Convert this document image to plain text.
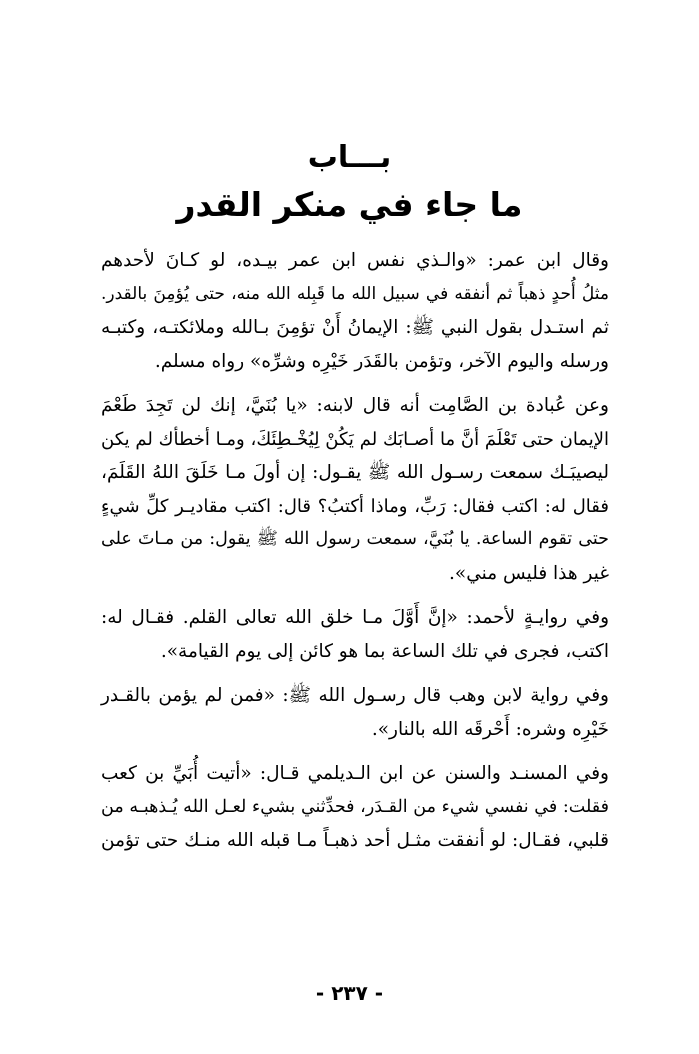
بـــاب
ما جاء في منكر القدر

وقال ابن عمر: «والـذي نفس ابن عمر بيـده، لو كـانَ لأحدهم
مثلُ أُحدٍ ذهباً ثم أنفقه في سبيل الله ما قَبِله الله منه، حتى يُؤمِنَ بالقدر.
ثم استـدل بقول النبي ﷺ: الإيمانُ أَنْ تؤمِنَ بـالله وملائكتـه، وكتبـه
ورسله واليوم الآخر، وتؤمن بالقَدَر خَيْرِه وشرِّه» رواه مسلم.

وعن عُبادة بن الصَّامِت أنه قال لابنه: «يا بُنَيَّ، إنك لن تَجِدَ طَعْمَ
الإيمان حتى تَعْلَمَ أنَّ ما أصـابَك لم يَكُنْ لِيُخْـطِئَكَ، ومـا أخطأك لم يكن
ليصيبَـك سمعت رسـول الله ﷺ يقـول: إن أولَ مـا خَلَقَ اللهُ القَلَمَ،
فقال له: اكتب فقال: رَبِّ، وماذا أكتبُ؟ قال: اكتب مقاديـر كلِّ شيءٍ
حتى تقوم الساعة. يا بُنَيَّ، سمعت رسول الله ﷺ يقول: من مـاتَ على
غير هذا فليس مني».

وفي روايـةٍ لأحمد: «إنَّ أَوَّلَ مـا خلق الله تعالى القلم. فقـال له:
اكتب، فجرى في تلك الساعة بما هو كائن إلى يوم القيامة».

وفي رواية لابن وهب قال رسـول الله ﷺ: «فمن لم يؤمن بالقـدر
خَيْرِه وشره: أَحْرقَه الله بالنار».

وفي المسنـد والسنن عن ابن الـديلمي قـال: «أتيت أُبَيِّ بن كعب
فقلت: في نفسي شيء من القـدَر، فحدِّثني بشيء لعـل الله يُـذهبـه من
قلبي، فقـال: لو أنفقت مثـل أحد ذهبـاً مـا قبله الله منـك حتى تؤمن

- ٢٣٧ -
